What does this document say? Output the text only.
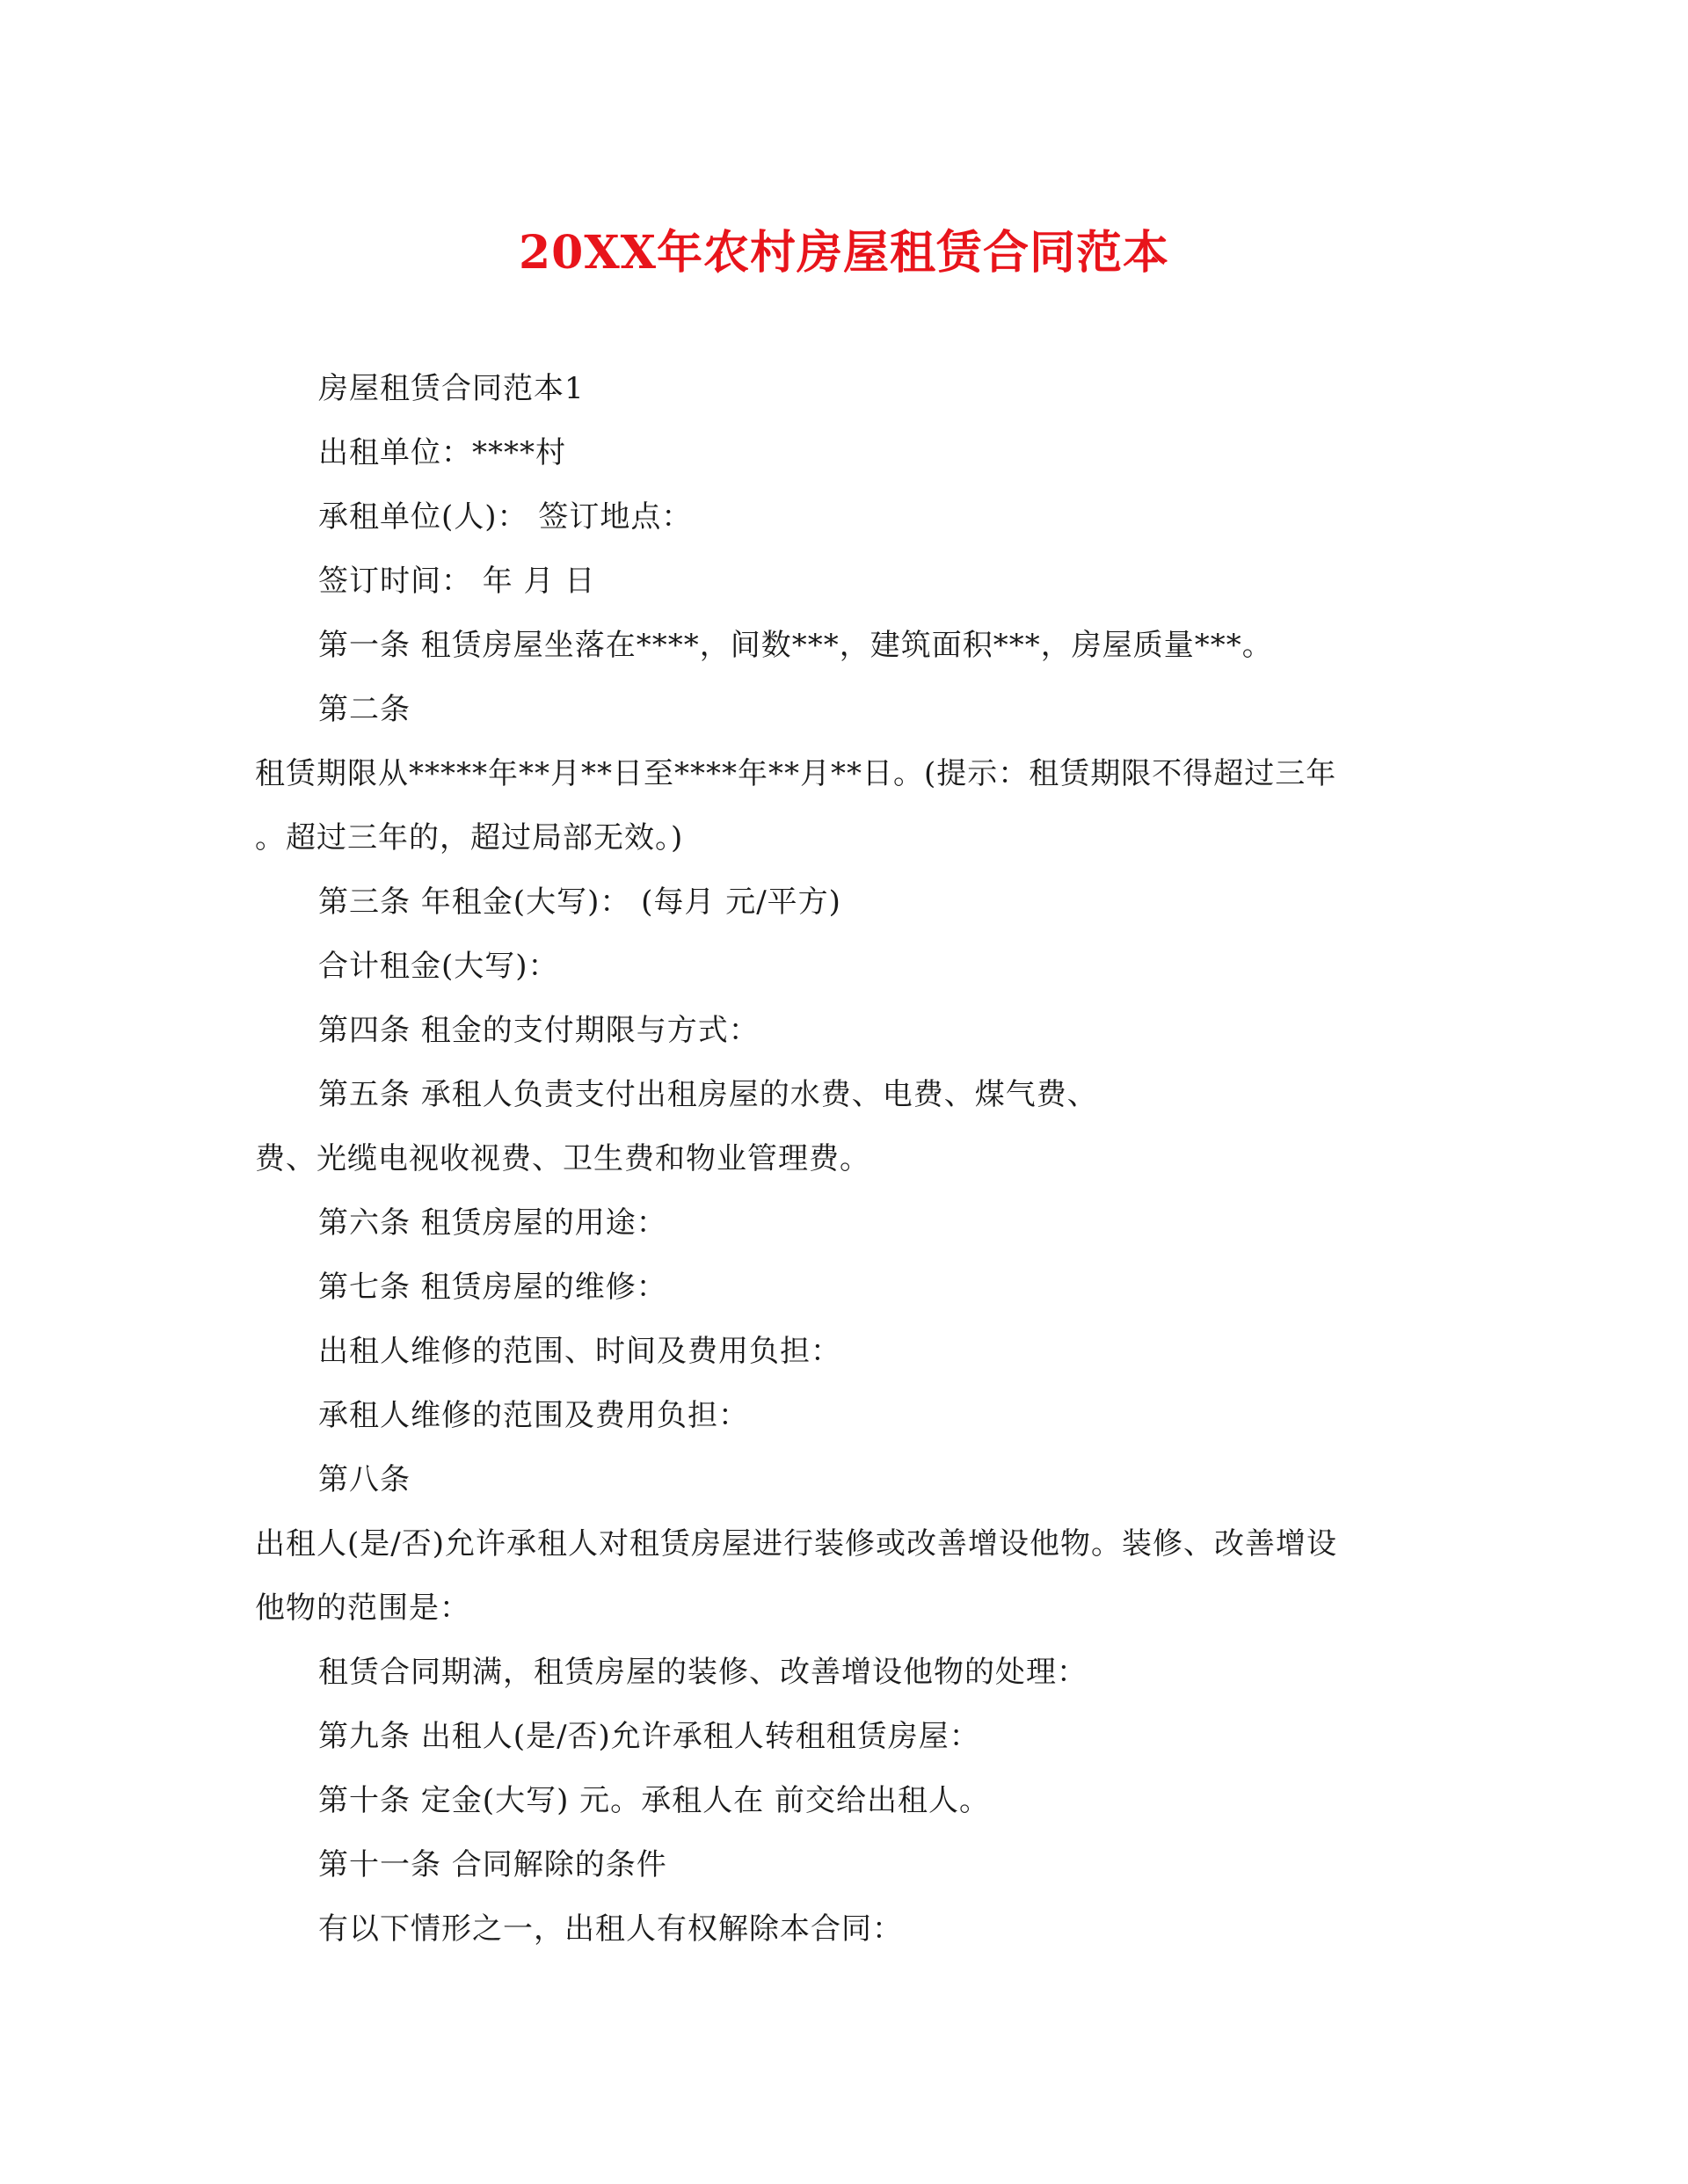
20XX年农村房屋租赁合同范本
房屋租赁合同范本1
出租单位：****村
承租单位(人)： 签订地点：
签订时间： 年 月 日
第一条 租赁房屋坐落在****，间数***，建筑面积***，房屋质量***。
第二条
租赁期限从*****年**月**日至****年**月**日。(提示：租赁期限不得超过三年
。超过三年的，超过局部无效。)
第三条 年租金(大写)： (每月 元/平方)
合计租金(大写)：
第四条 租金的支付期限与方式：
第五条 承租人负责支付出租房屋的水费、电费、煤气费、
费、光缆电视收视费、卫生费和物业管理费。
第六条 租赁房屋的用途：
第七条 租赁房屋的维修：
出租人维修的范围、时间及费用负担：
承租人维修的范围及费用负担：
第八条
出租人(是/否)允许承租人对租赁房屋进行装修或改善增设他物。装修、改善增设
他物的范围是：
租赁合同期满，租赁房屋的装修、改善增设他物的处理：
第九条 出租人(是/否)允许承租人转租租赁房屋：
第十条 定金(大写) 元。承租人在 前交给出租人。
第十一条 合同解除的条件
有以下情形之一，出租人有权解除本合同：
